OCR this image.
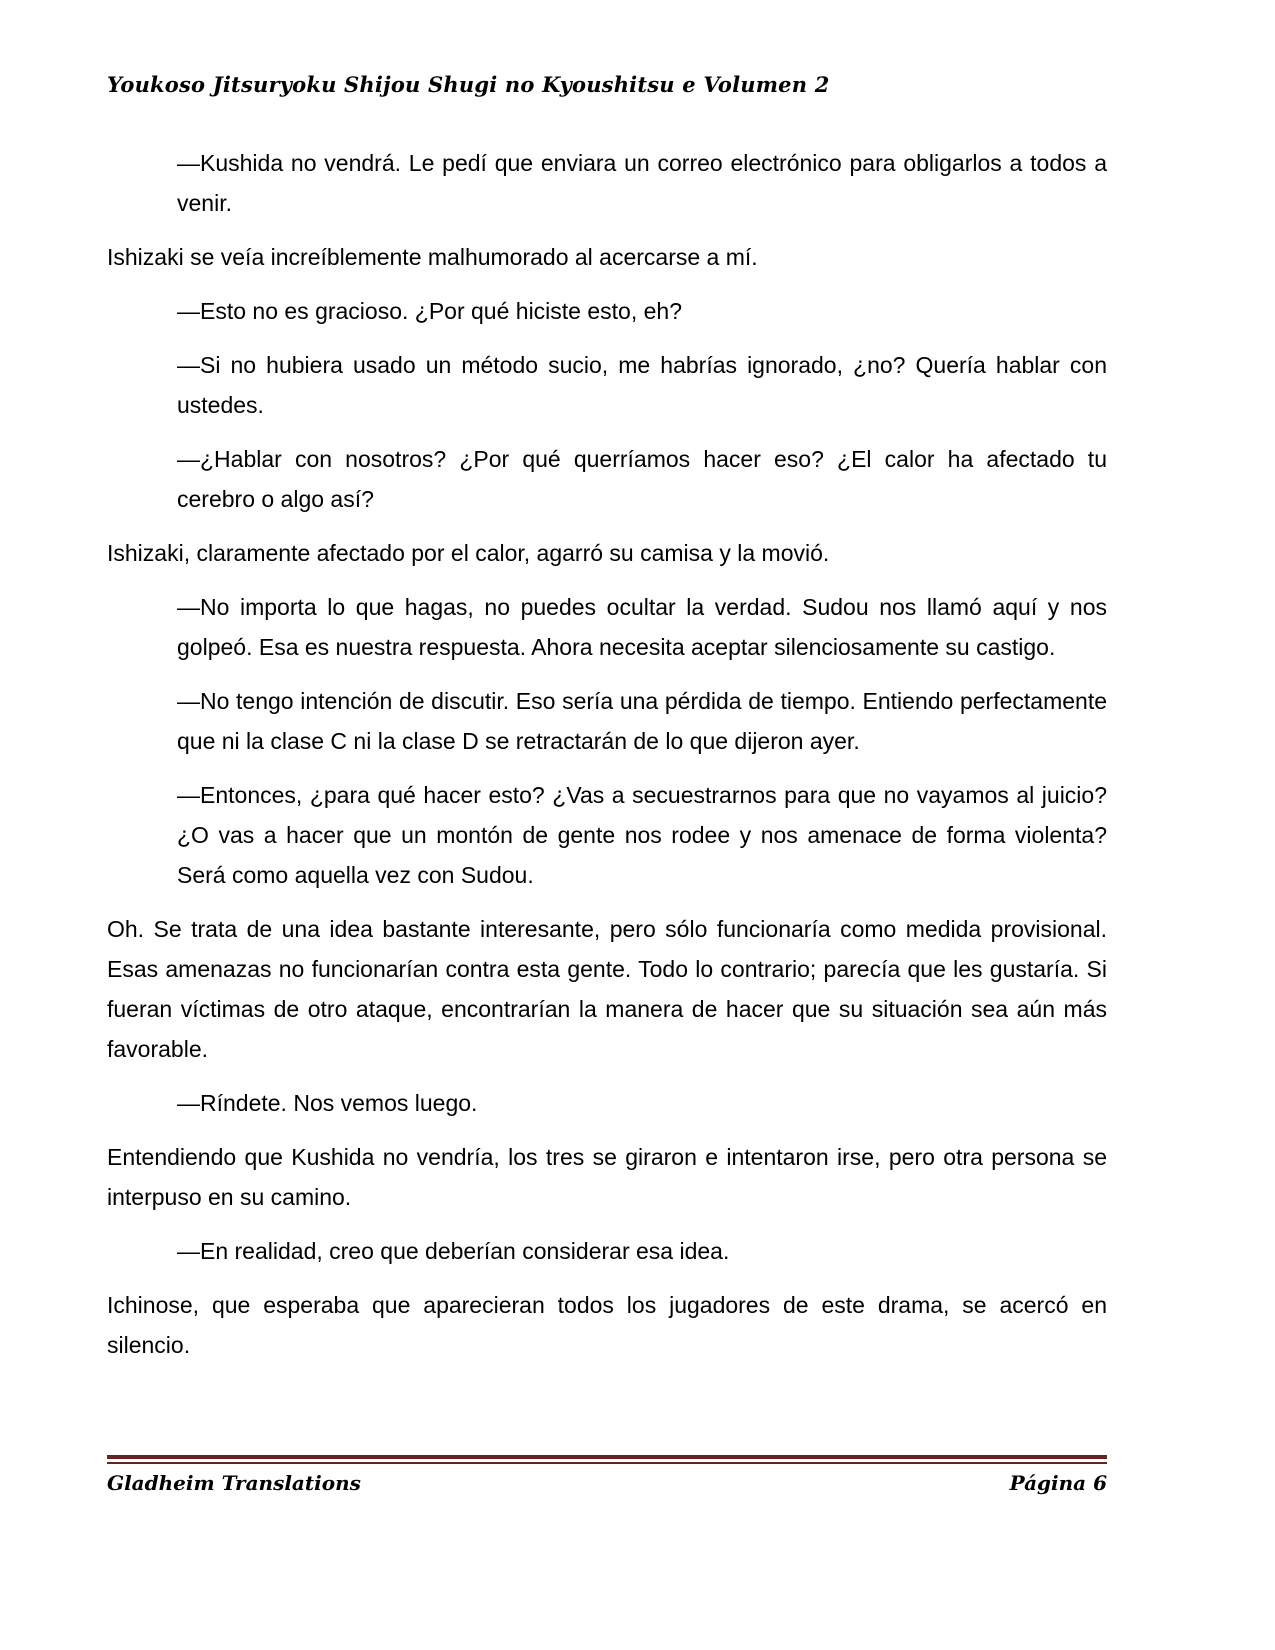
Youkoso Jitsuryoku Shijou Shugi no Kyoushitsu e Volumen 2

—Kushida no vendrá. Le pedí que enviara un correo electrónico para obligarlos a todos a venir.

Ishizaki se veía increíblemente malhumorado al acercarse a mí.

—Esto no es gracioso. ¿Por qué hiciste esto, eh?

—Si no hubiera usado un método sucio, me habrías ignorado, ¿no? Quería hablar con ustedes.

—¿Hablar con nosotros? ¿Por qué querríamos hacer eso? ¿El calor ha afectado tu cerebro o algo así?

Ishizaki, claramente afectado por el calor, agarró su camisa y la movió.

—No importa lo que hagas, no puedes ocultar la verdad. Sudou nos llamó aquí y nos golpeó. Esa es nuestra respuesta. Ahora necesita aceptar silenciosamente su castigo.

—No tengo intención de discutir. Eso sería una pérdida de tiempo. Entiendo perfectamente que ni la clase C ni la clase D se retractarán de lo que dijeron ayer.

—Entonces, ¿para qué hacer esto? ¿Vas a secuestrarnos para que no vayamos al juicio? ¿O vas a hacer que un montón de gente nos rodee y nos amenace de forma violenta? Será como aquella vez con Sudou.

Oh. Se trata de una idea bastante interesante, pero sólo funcionaría como medida provisional. Esas amenazas no funcionarían contra esta gente. Todo lo contrario; parecía que les gustaría. Si fueran víctimas de otro ataque, encontrarían la manera de hacer que su situación sea aún más favorable.

—Ríndete. Nos vemos luego.

Entendiendo que Kushida no vendría, los tres se giraron e intentaron irse, pero otra persona se interpuso en su camino.

—En realidad, creo que deberían considerar esa idea.

Ichinose, que esperaba que aparecieran todos los jugadores de este drama, se acercó en silencio.

Gladheim Translations	Página 6
